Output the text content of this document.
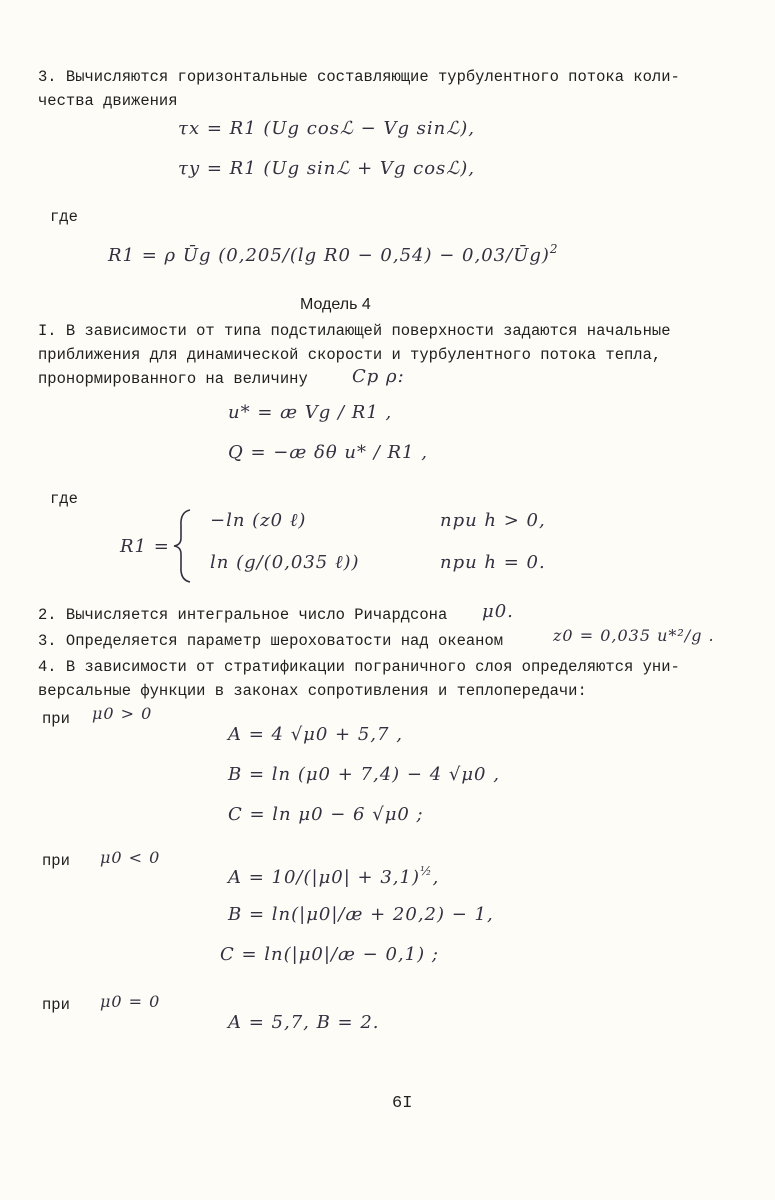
3. Вычисляются горизонтальные составляющие турбулентного потока коли-
чества движения
τx = R1 (Ug cosℒ − Vg sinℒ),
τy = R1 (Ug sinℒ + Vg cosℒ),
где
R1 = ρ Ūg (0,205/(lg R0 − 0,54) − 0,03/Ūg)$^2$
Модель 4
I. В зависимости от типа подстилающей поверхности задаются начальные
приближения для динамической скорости и турбулентного потока тепла,
пронормированного на величину Cp ρ:
u* = æ Vg / R1 ,
Q = −æ δθ u* / R1 ,
где
R1 =
−ln (z0 ℓ)	при h > 0,
ln (g/(0,035 ℓ))	при h = 0.
2. Вычисляется интегральное число Ричардсона μ0.
3. Определяется параметр шероховатости над океаном	z0 = 0,035 u*²/g .
4. В зависимости от стратификации пограничного слоя определяются уни-
версальные функции в законах сопротивления и теплопередачи:
при μ0 > 0
A = 4 √μ0 + 5,7 ,
B = ln (μ0 + 7,4) − 4 √μ0 ,
C = ln μ0 − 6 √μ0 ;
при μ0 < 0
$A = 10/(|\mu 0| + 3,1)^{\frac{1}{2}}$,
B = ln(|μ0|/æ + 20,2) − 1,
C = ln(|μ0|/æ − 0,1) ;
при μ0 = 0
A = 5,7, B = 2.
6I
